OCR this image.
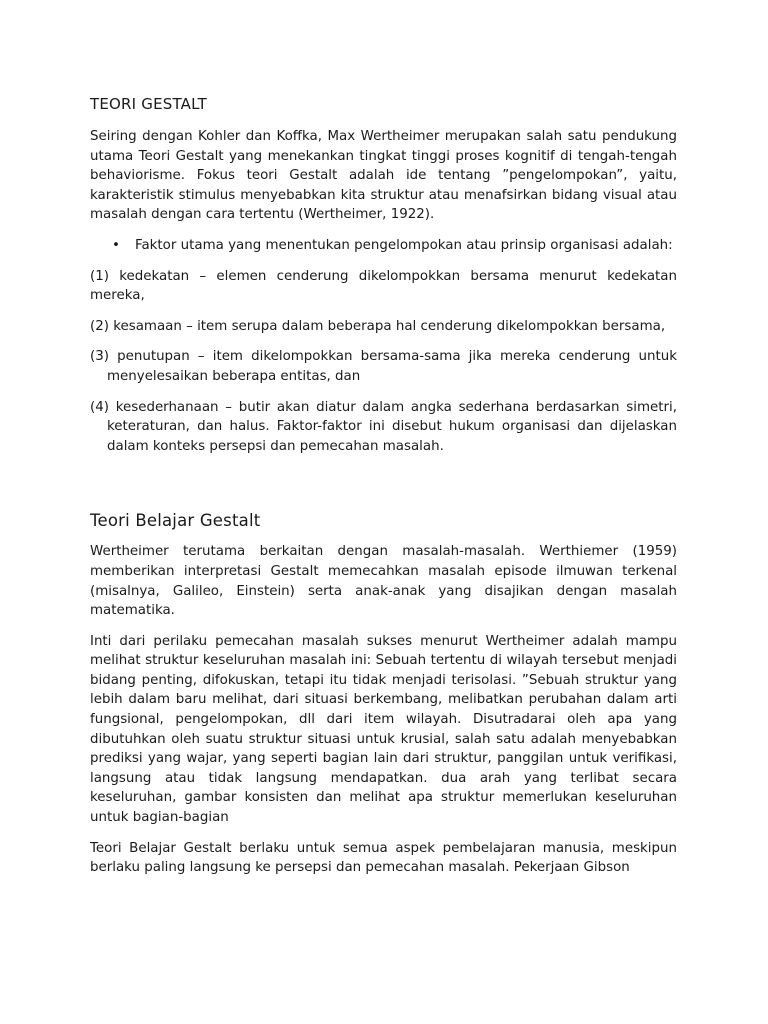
TEORI GESTALT
Seiring dengan Kohler dan Koffka, Max Wertheimer merupakan salah satu pendukung utama Teori Gestalt yang menekankan tingkat tinggi proses kognitif di tengah-tengah behaviorisme. Fokus teori Gestalt adalah ide tentang ”pengelompokan”, yaitu, karakteristik stimulus menyebabkan kita struktur atau menafsirkan bidang visual atau masalah dengan cara tertentu (Wertheimer, 1922).
• Faktor utama yang menentukan pengelompokan atau prinsip organisasi adalah:
(1) kedekatan – elemen cenderung dikelompokkan bersama menurut kedekatan mereka,
(2) kesamaan – item serupa dalam beberapa hal cenderung dikelompokkan bersama,
(3) penutupan – item dikelompokkan bersama-sama jika mereka cenderung untuk menyelesaikan beberapa entitas, dan
(4) kesederhanaan – butir akan diatur dalam angka sederhana berdasarkan simetri, keteraturan, dan halus. Faktor-faktor ini disebut hukum organisasi dan dijelaskan dalam konteks persepsi dan pemecahan masalah.
Teori Belajar Gestalt
Wertheimer terutama berkaitan dengan masalah-masalah. Werthiemer (1959) memberikan interpretasi Gestalt memecahkan masalah episode ilmuwan terkenal (misalnya, Galileo, Einstein) serta anak-anak yang disajikan dengan masalah matematika.
Inti dari perilaku pemecahan masalah sukses menurut Wertheimer adalah mampu melihat struktur keseluruhan masalah ini: Sebuah tertentu di wilayah tersebut menjadi bidang penting, difokuskan, tetapi itu tidak menjadi terisolasi. ”Sebuah struktur yang lebih dalam baru melihat, dari situasi berkembang, melibatkan perubahan dalam arti fungsional, pengelompokan, dll dari item wilayah. Disutradarai oleh apa yang dibutuhkan oleh suatu struktur situasi untuk krusial, salah satu adalah menyebabkan prediksi yang wajar, yang seperti bagian lain dari struktur, panggilan untuk verifikasi, langsung atau tidak langsung mendapatkan. dua arah yang terlibat secara keseluruhan, gambar konsisten dan melihat apa struktur memerlukan keseluruhan untuk bagian-bagian
Teori Belajar Gestalt berlaku untuk semua aspek pembelajaran manusia, meskipun berlaku paling langsung ke persepsi dan pemecahan masalah. Pekerjaan Gibson
